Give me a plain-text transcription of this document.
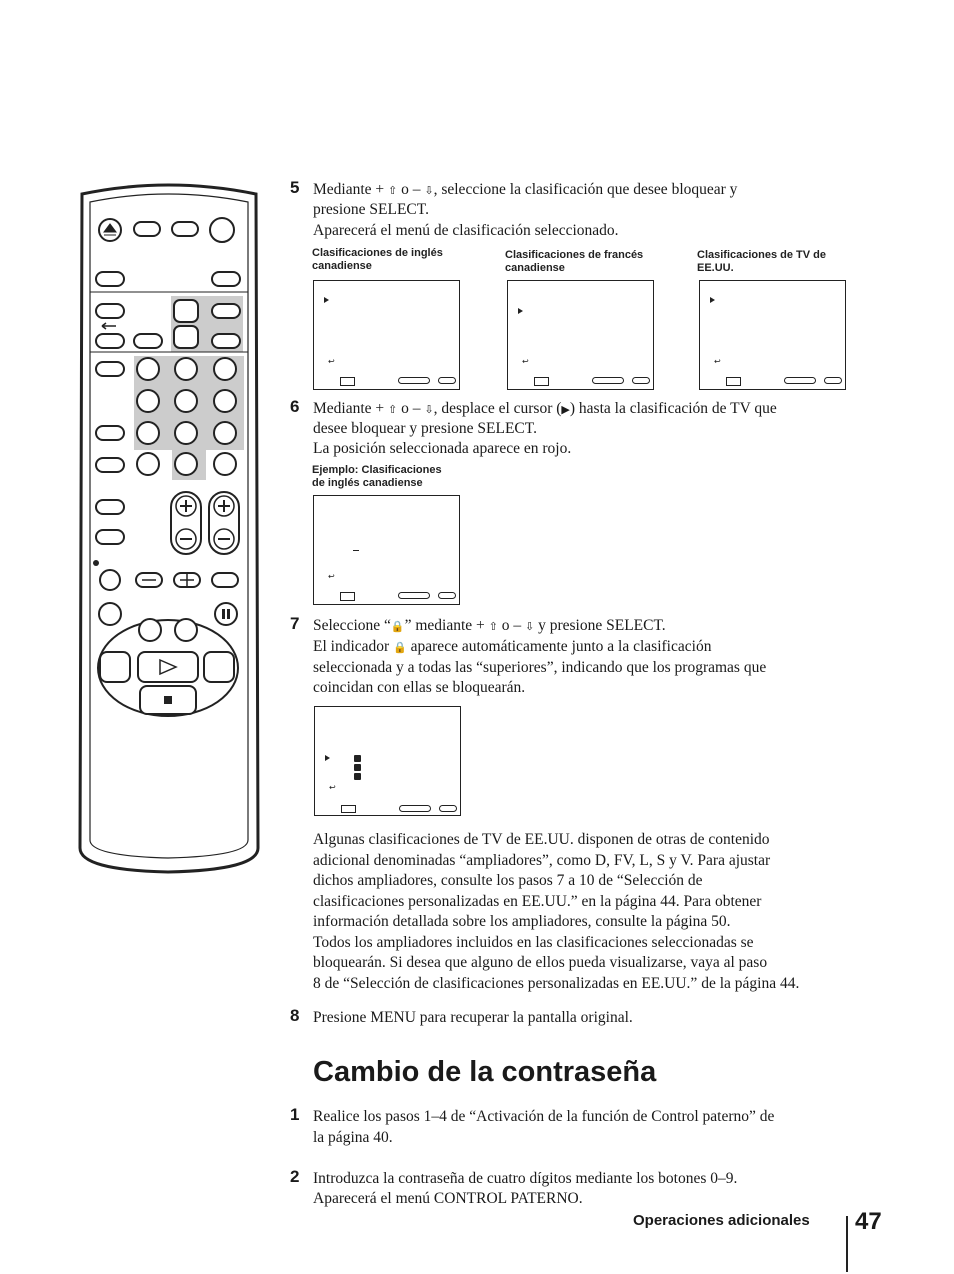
5 Mediante + ⇧ o – ⇩, seleccione la clasificación que desee bloquear y
presione SELECT.
Aparecerá el menú de clasificación seleccionado.
Clasificaciones de inglés
canadiense
Clasificaciones de francés
canadiense
Clasificaciones de TV de
EE.UU.
↩	↩	↩
6 Mediante + ⇧ o – ⇩, desplace el cursor (▶) hasta la clasificación de TV que
desee bloquear y presione SELECT.
La posición seleccionada aparece en rojo.
Ejemplo: Clasificaciones
de inglés canadiense
↩
7 Seleccione “🔒” mediante + ⇧ o – ⇩ y presione SELECT.
El indicador 🔒 aparece automáticamente junto a la clasificación
seleccionada y a todas las “superiores”, indicando que los programas que
coincidan con ellas se bloquearán.
↩
Algunas clasificaciones de TV de EE.UU. disponen de otras de contenido
adicional denominadas “ampliadores”, como D, FV, L, S y V. Para ajustar
dichos ampliadores, consulte los pasos 7 a 10 de “Selección de
clasificaciones personalizadas en EE.UU.” en la página 44. Para obtener
información detallada sobre los ampliadores, consulte la página 50.
Todos los ampliadores incluidos en las clasificaciones seleccionadas se
bloquearán. Si desea que alguno de ellos pueda visualizarse, vaya al paso
8 de “Selección de clasificaciones personalizadas en EE.UU.” de la página 44.
8 Presione MENU para recuperar la pantalla original.
Cambio de la contraseña
1 Realice los pasos 1–4 de “Activación de la función de Control paterno” de
la página 40.
2 Introduzca la contraseña de cuatro dígitos mediante los botones 0–9.
Aparecerá el menú CONTROL PATERNO.
Operaciones adicionales 47
